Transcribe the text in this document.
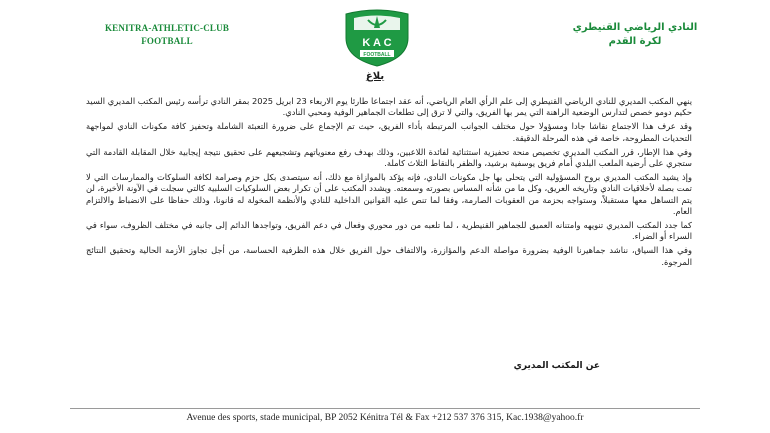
KENITRA-ATHLETIC-CLUB
FOOTBALL	K A C
FOOTBALL
النادي الرياضي القنيطري
لكرة القدم
بلاغ

ينهي المكتب المديري للنادي الرياضي القنيطري إلى علم الرأي العام الرياضي، أنه عقد اجتماعا طارئا يوم الاربعاء 23 ابريل 2025 بمقر النادي ترأسه رئيس المكتب المديري السيد حكيم دومو خصص لتدارس الوضعية الراهنة التي يمر بها الفريق، والتي لا ترق إلى تطلعات الجماهير الوفية ومحبي النادي.

وقد عرف هذا الاجتماع نقاشا جادا ومسؤولا حول مختلف الجوانب المرتبطة بأداء الفريق، حيث تم الإجماع على ضرورة التعبئة الشاملة وتحفيز كافة مكونات النادي لمواجهة التحديات المطروحة، خاصة في هذه المرحلة الدقيقة.

وفي هذا الإطار، قرر المكتب المديري تخصيص منحة تحفيزية استثنائية لفائدة اللاعبين، وذلك بهدف رفع معنوياتهم وتشجيعهم على تحقيق نتيجة إيجابية خلال المقابلة القادمة التي ستجري على أرضية الملعب البلدي أمام فريق يوسفية برشيد، والظفر بالنقاط الثلاث كاملة.

وإذ يشيد المكتب المديري بروح المسؤولية التي يتحلى بها جل مكونات النادي، فإنه يؤكد بالموازاة مع ذلك، أنه سيتصدى بكل حزم وصرامة لكافة السلوكات والممارسات التي لا تمت بصلة لأخلاقيات النادي وتاريخه العريق، وكل ما من شأنه المساس بصورته وسمعته. ويشدد المكتب على أن تكرار بعض السلوكيات السلبية كالتي سجلت في الآونة الأخيرة، لن يتم التساهل معها مستقبلاً، وستواجه بحزمة من العقوبات الصارمة، وفقا لما تنص عليه القوانين الداخلية للنادي والأنظمة المخولة له قانونا، وذلك حفاظا على الانضباط والالتزام العام.

كما جدد المكتب المديري تنويهه وامتنانه العميق للجماهير القنيطرية ، لما تلعبه من دور محوري وفعال في دعم الفريق، وتواجدها الدائم إلى جانبه في مختلف الظروف، سواء في السراء أو الضراء.

وفي هذا السياق، نناشد جماهيرنا الوفية بضرورة مواصلة الدعم والمؤازرة، والالتفاف حول الفريق خلال هذه الظرفية الحساسة، من أجل تجاوز الأزمة الحالية وتحقيق النتائج المرجوة.

عن المكتب المديري
Avenue des sports, stade municipal, BP 2052 Kénitra Tél & Fax +212 537 376 315, Kac.1938@yahoo.fr
